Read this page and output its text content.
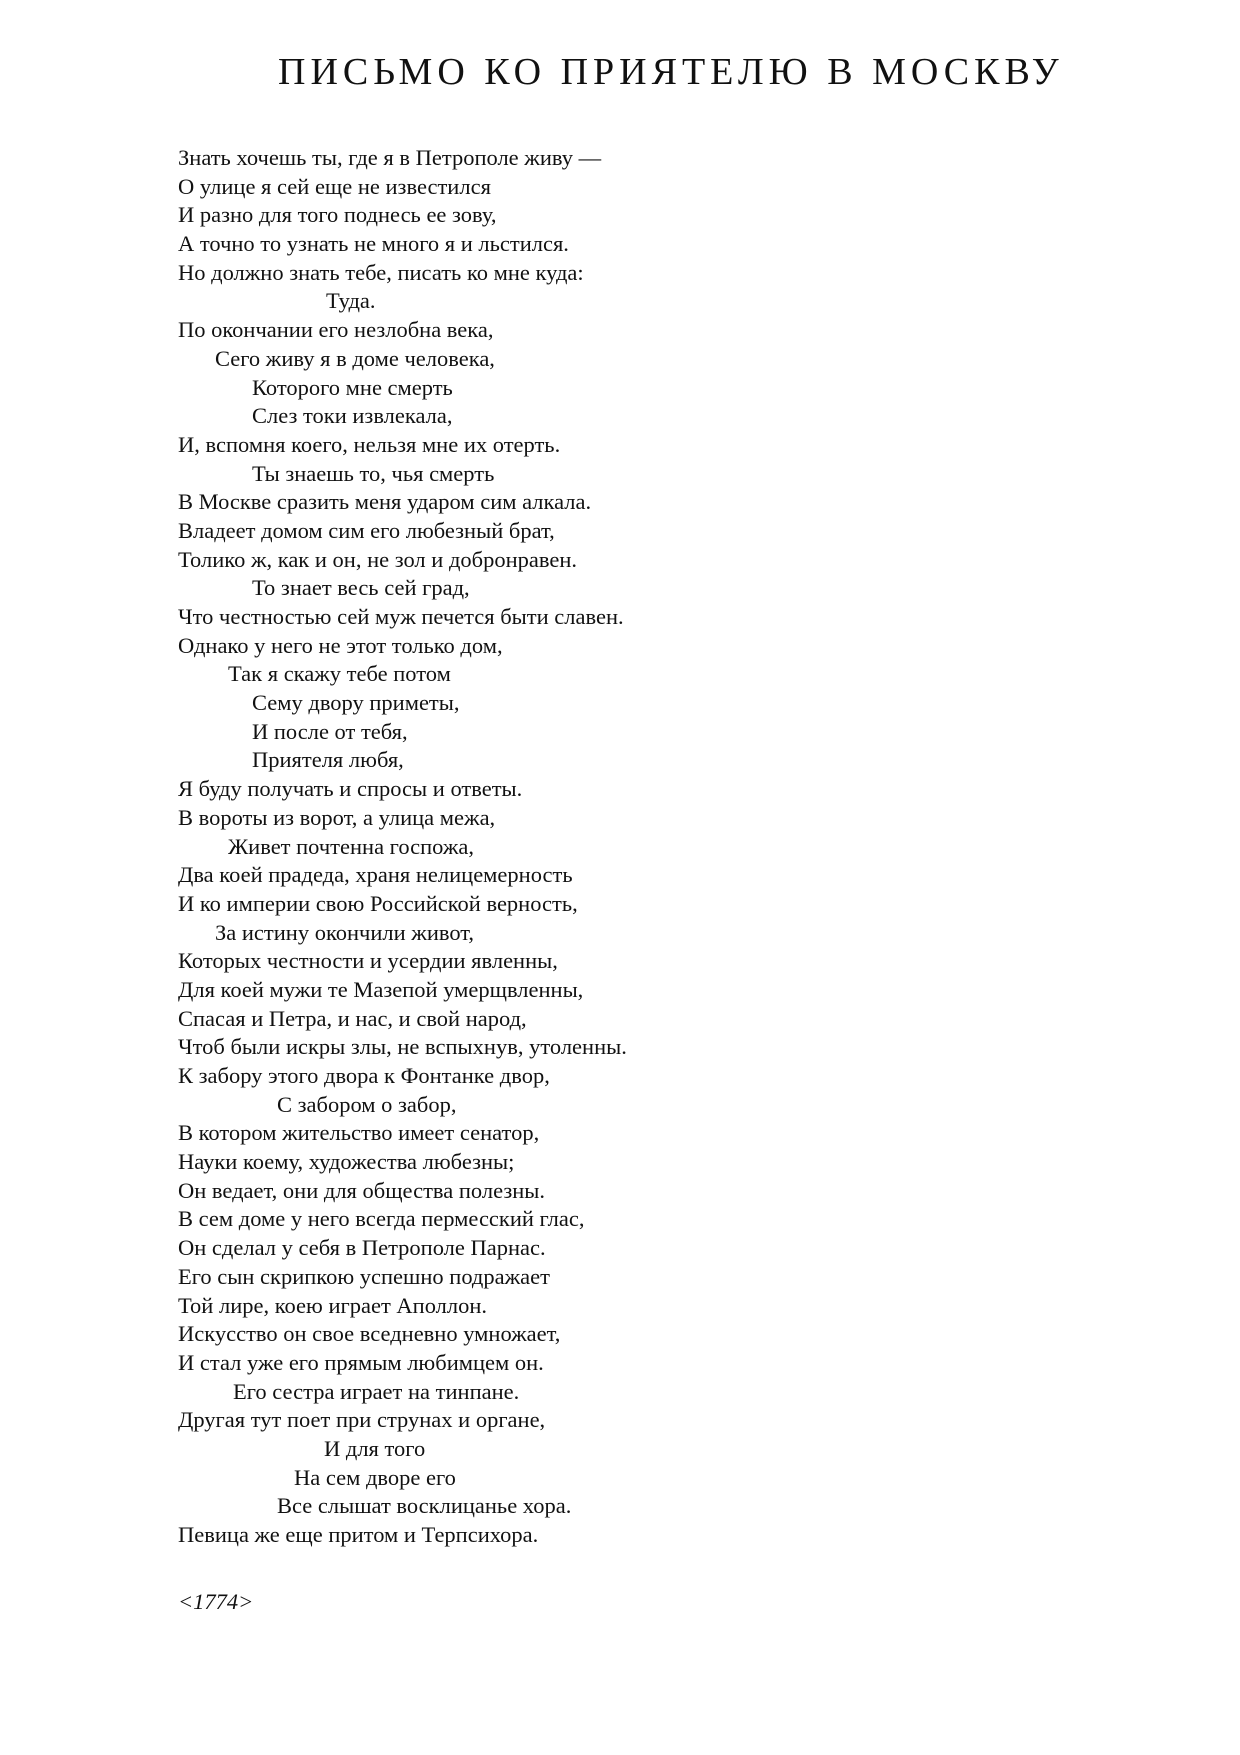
ПИСЬМО КО ПРИЯТЕЛЮ В МОСКВУ
Знать хочешь ты, где я в Петрополе живу —
О улице я сей еще не известился
И разно для того поднесь ее зову,
А точно то узнать не много я и льстился.
Но должно знать тебе, писать ко мне куда:
Туда.
По окончании его незлобна века,
Сего живу я в доме человека,
Которого мне смерть
Слез токи извлекала,
И, вспомня коего, нельзя мне их отерть.
Ты знаешь то, чья смерть
В Москве сразить меня ударом сим алкала.
Владеет домом сим его любезный брат,
Толико ж, как и он, не зол и добронравен.
То знает весь сей град,
Что честностью сей муж печется быти славен.
Однако у него не этот только дом,
Так я скажу тебе потом
Сему двору приметы,
И после от тебя,
Приятеля любя,
Я буду получать и спросы и ответы.
В вороты из ворот, а улица межа,
Живет почтенна госпожа,
Два коей прадеда, храня нелицемерность
И ко империи свою Российской верность,
За истину окончили живот,
Которых честности и усердии явленны,
Для коей мужи те Мазепой умерщвленны,
Спасая и Петра, и нас, и свой народ,
Чтоб были искры злы, не вспыхнув, утоленны.
К забору этого двора к Фонтанке двор,
С забором о забор,
В котором жительство имеет сенатор,
Науки коему, художества любезны;
Он ведает, они для общества полезны.
В сем доме у него всегда пермесский глас,
Он сделал у себя в Петрополе Парнас.
Его сын скрипкою успешно подражает
Той лире, коею играет Аполлон.
Искусство он свое вседневно умножает,
И стал уже его прямым любимцем он.
Его сестра играет на тинпане.
Другая тут поет при струнах и органе,
И для того
На сем дворе его
Все слышат восклицанье хора.
Певица же еще притом и Терпсихора.

<1774>
